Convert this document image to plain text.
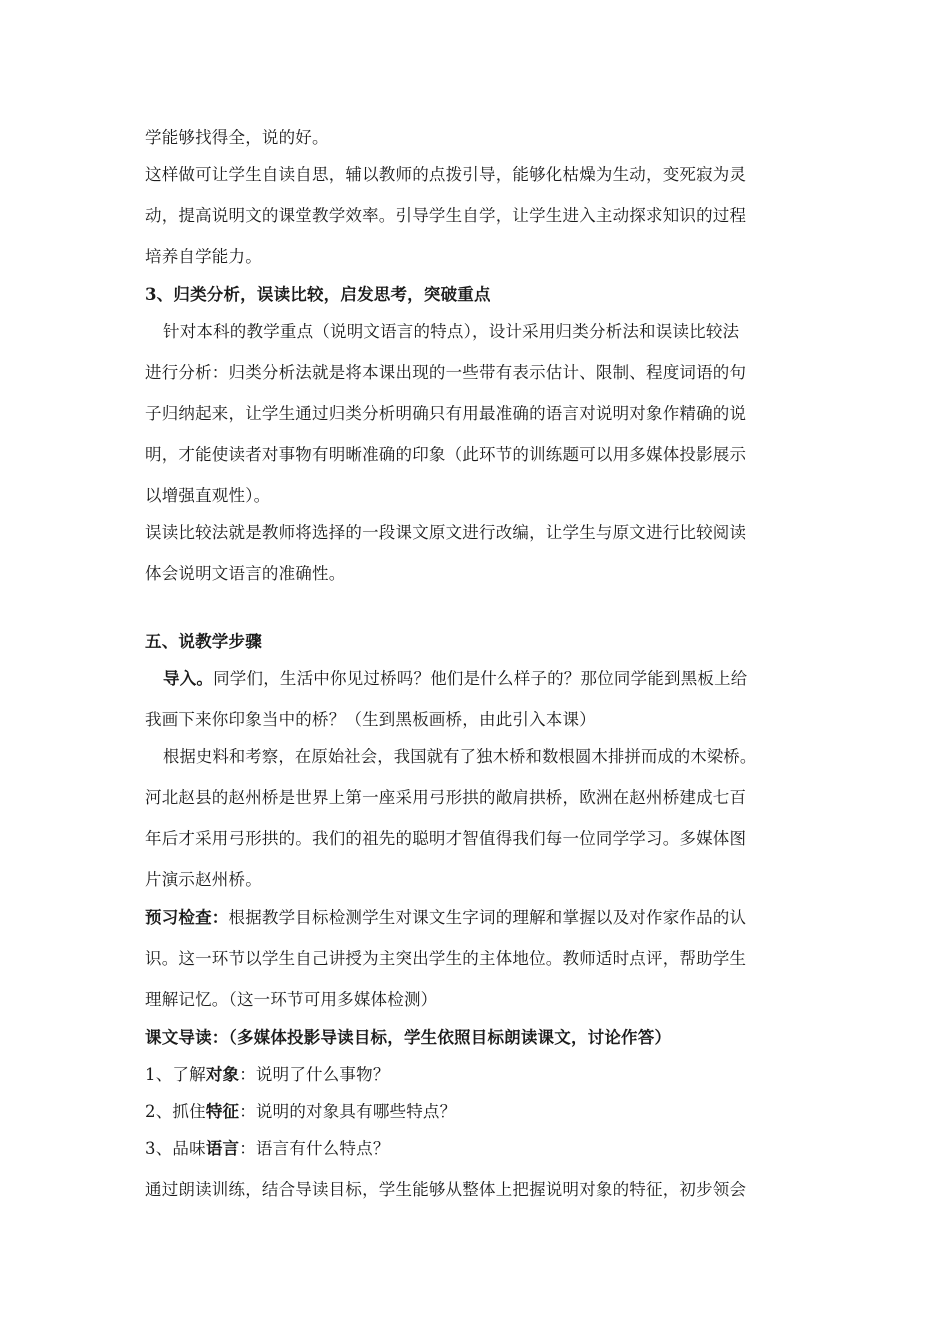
学能够找得全，说的好。
这样做可让学生自读自思，辅以教师的点拨引导，能够化枯燥为生动，变死寂为灵
动，提高说明文的课堂教学效率。引导学生自学，让学生进入主动探求知识的过程
培养自学能力。
3、归类分析，误读比较，启发思考，突破重点
针对本科的教学重点（说明文语言的特点），设计采用归类分析法和误读比较法
进行分析：归类分析法就是将本课出现的一些带有表示估计、限制、程度词语的句
子归纳起来，让学生通过归类分析明确只有用最准确的语言对说明对象作精确的说
明，才能使读者对事物有明晰准确的印象（此环节的训练题可以用多媒体投影展示
以增强直观性）。
误读比较法就是教师将选择的一段课文原文进行改编，让学生与原文进行比较阅读
体会说明文语言的准确性。
五、说教学步骤
导入。同学们，生活中你见过桥吗？他们是什么样子的？那位同学能到黑板上给
我画下来你印象当中的桥？（生到黑板画桥，由此引入本课）
根据史料和考察，在原始社会，我国就有了独木桥和数根圆木排拼而成的木梁桥。
河北赵县的赵州桥是世界上第一座采用弓形拱的敞肩拱桥，欧洲在赵州桥建成七百
年后才采用弓形拱的。我们的祖先的聪明才智值得我们每一位同学学习。多媒体图
片演示赵州桥。
预习检查：根据教学目标检测学生对课文生字词的理解和掌握以及对作家作品的认
识。这一环节以学生自己讲授为主突出学生的主体地位。教师适时点评，帮助学生
理解记忆。（这一环节可用多媒体检测）
课文导读：（多媒体投影导读目标，学生依照目标朗读课文，讨论作答）
1、了解对象：说明了什么事物？
2、抓住特征：说明的对象具有哪些特点？
3、品味语言：语言有什么特点？
通过朗读训练，结合导读目标，学生能够从整体上把握说明对象的特征，初步领会
